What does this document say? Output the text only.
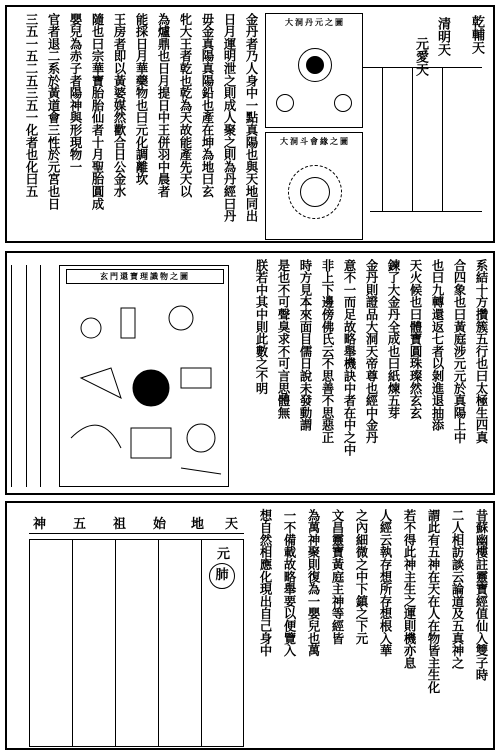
乾輔天
清明天
元愛天
大洞丹元之圖
大洞斗會緣之圖
金丹者乃人身中一點真陽也與天地同出
日月運明泄之則成人聚之則為丹經曰丹
毋金真陽真陽鉛也產在坤為地曰玄
牝大王者乾也乾為天故能產先天以
為爐鼎也日月提日中王併羽中晨者
能採日月華藥物也曰元化調離坎
王房者即以黃婆媒然歡合日公金水
隨也曰宗華寶胎胎仙者十月聖胎圓成
嬰兒為赤子者陽神與形現物一
官者退二系於黃道會三性於元宮也日
三五一五二五三五一化者也化曰五
系結十方攢簇五行也曰太極生四真
合四象也曰黃庭涉元元於真陽上中
也曰九轉還返七者以剝進退抽添
天火候也曰體寶圓珠璨然玄玄
鍊了大金丹全成也曰紙煉五芽
金丹則證品大洞天帝尊也經中金丹
意不一而足故略舉機訣中者在中之中
非上下邊傍佛氏云不思善不思惡正
時方見本來面目儒日說未發動謂
是也不可聲臭求不可言思體無
朕若中其中則此數之不明
玄門還寶理識物之圖
昔蘇幽樓註靈寶經值仙入雙子時
二人相訪談云論道及五真神之
謂此有五神在天在人在物皆主生化
若不得此神主生之運則機亦息
人經云執存想所存想根入華
之內細微之中下鎮之下元
文昌靈寶黃庭主神等經皆
為萬神聚則復為一嬰兒也萬
一不備載故略舉要以便覽入
想自然相應化現出自己身中
神 五 祖 始 地 天
元
肺
